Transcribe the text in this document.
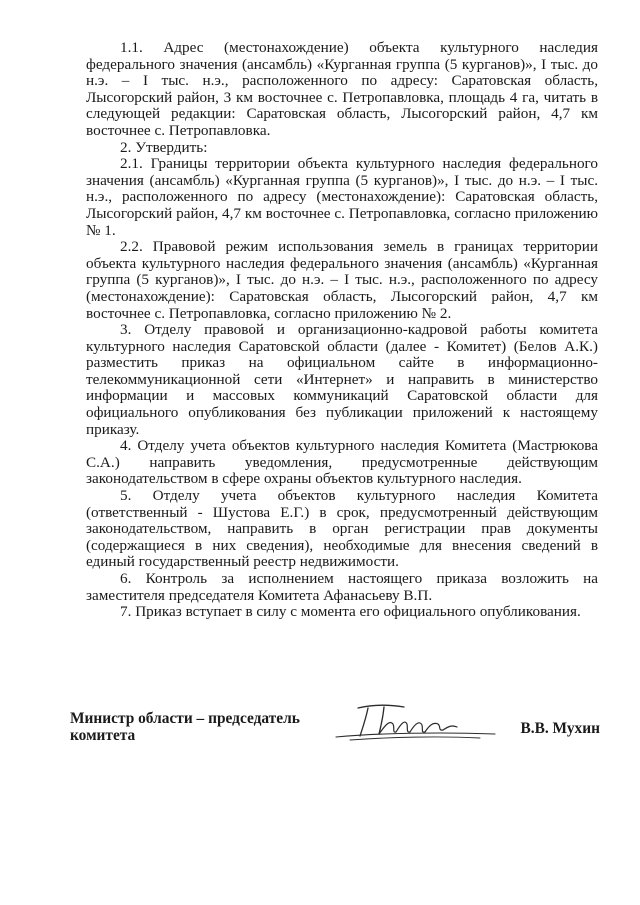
1.1. Адрес (местонахождение) объекта культурного наследия федерального значения (ансамбль) «Курганная группа (5 курганов)», I тыс. до н.э. – I тыс. н.э., расположенного по адресу: Саратовская область, Лысогорский район, 3 км восточнее с. Петропавловка, площадь 4 га, читать в следующей редакции: Саратовская область, Лысогорский район, 4,7 км восточнее с. Петропавловка.

2. Утвердить:

2.1. Границы территории объекта культурного наследия федерального значения (ансамбль) «Курганная группа (5 курганов)», I тыс. до н.э. – I тыс. н.э., расположенного по адресу (местонахождение): Саратовская область, Лысогорский район, 4,7 км восточнее с. Петропавловка, согласно приложению № 1.

2.2. Правовой режим использования земель в границах территории объекта культурного наследия федерального значения (ансамбль) «Курганная группа (5 курганов)», I тыс. до н.э. – I тыс. н.э., расположенного по адресу (местонахождение): Саратовская область, Лысогорский район, 4,7 км восточнее с. Петропавловка, согласно приложению № 2.

3. Отделу правовой и организационно-кадровой работы комитета культурного наследия Саратовской области (далее - Комитет) (Белов А.К.) разместить приказ на официальном сайте в информационно-телекоммуникационной сети «Интернет» и направить в министерство информации и массовых коммуникаций Саратовской области для официального опубликования без публикации приложений к настоящему приказу.

4. Отделу учета объектов культурного наследия Комитета (Мастрюкова С.А.) направить уведомления, предусмотренные действующим законодательством в сфере охраны объектов культурного наследия.

5. Отделу учета объектов культурного наследия Комитета (ответственный - Шустова Е.Г.) в срок, предусмотренный действующим законодательством, направить в орган регистрации прав документы (содержащиеся в них сведения), необходимые для внесения сведений в единый государственный реестр недвижимости.

6. Контроль за исполнением настоящего приказа возложить на заместителя председателя Комитета Афанасьеву В.П.

7. Приказ вступает в силу с момента его официального опубликования.

Министр области – председатель
комитета	В.В. Мухин
